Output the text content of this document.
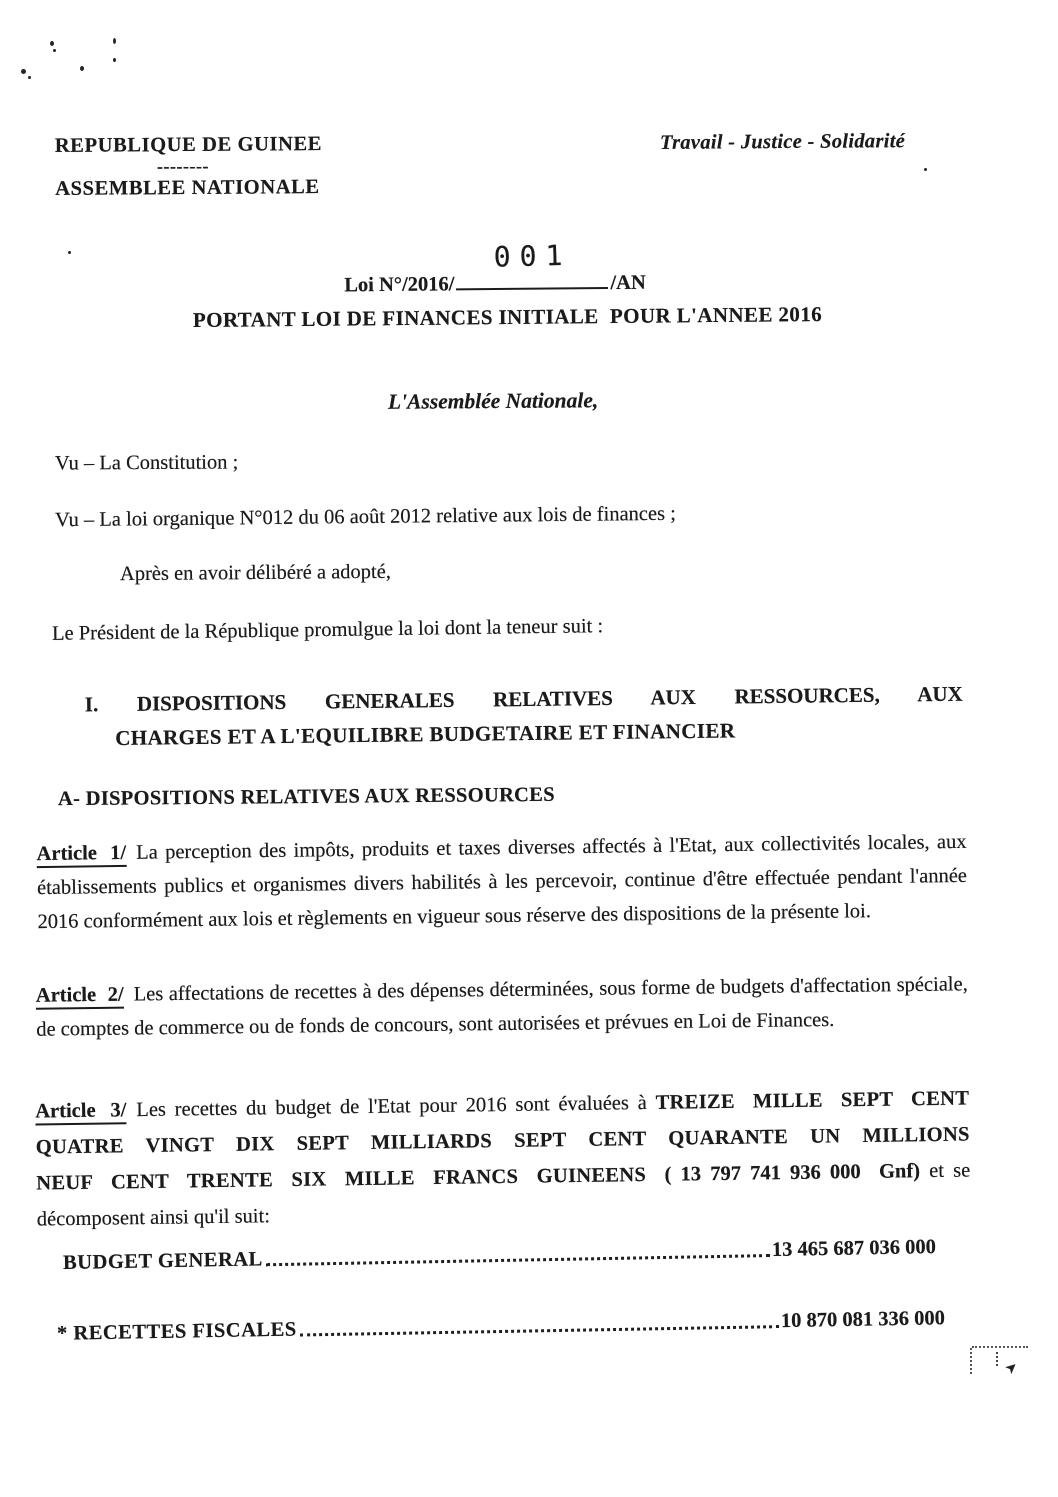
REPUBLIQUE DE GUINEE
--------
ASSEMBLEE NATIONALE
Travail - Justice - Solidarité
Loi N°/2016/
001
/AN
PORTANT LOI DE FINANCES INITIALE  POUR L'ANNEE 2016
L'Assemblée Nationale,
Vu – La Constitution ;
Vu – La loi organique N°012 du 06 août 2012 relative aux lois de finances ;
Après en avoir délibéré a adopté,
Le Président de la République promulgue la loi dont la teneur suit :
I. DISPOSITIONS GENERALES RELATIVES AUX RESSOURCES, AUX
CHARGES ET A L'EQUILIBRE BUDGETAIRE ET FINANCIER
A- DISPOSITIONS RELATIVES AUX RESSOURCES

Article 1/ La perception des impôts, produits et taxes diverses affectés à l'Etat, aux collectivités locales, aux établissements publics et organismes divers habilités à les percevoir, continue d'être effectuée pendant l'année 2016 conformément aux lois et règlements en vigueur sous réserve des dispositions de la présente loi.

Article 2/ Les affectations de recettes à des dépenses déterminées, sous forme de budgets d'affectation spéciale, de comptes de commerce ou de fonds de concours, sont autorisées et prévues en Loi de Finances.

Article 3/ Les recettes du budget de l'Etat pour 2016 sont évaluées à TREIZE MILLE SEPT CENT QUATRE VINGT DIX SEPT MILLIARDS SEPT CENT QUARANTE UN MILLIONS NEUF CENT TRENTE SIX MILLE FRANCS GUINEENS ( 13 797 741 936 000  Gnf) et se décomposent ainsi qu'il suit:

BUDGET GENERAL	13 465 687 036 000
* RECETTES FISCALES	10 870 081 336 000
➤
